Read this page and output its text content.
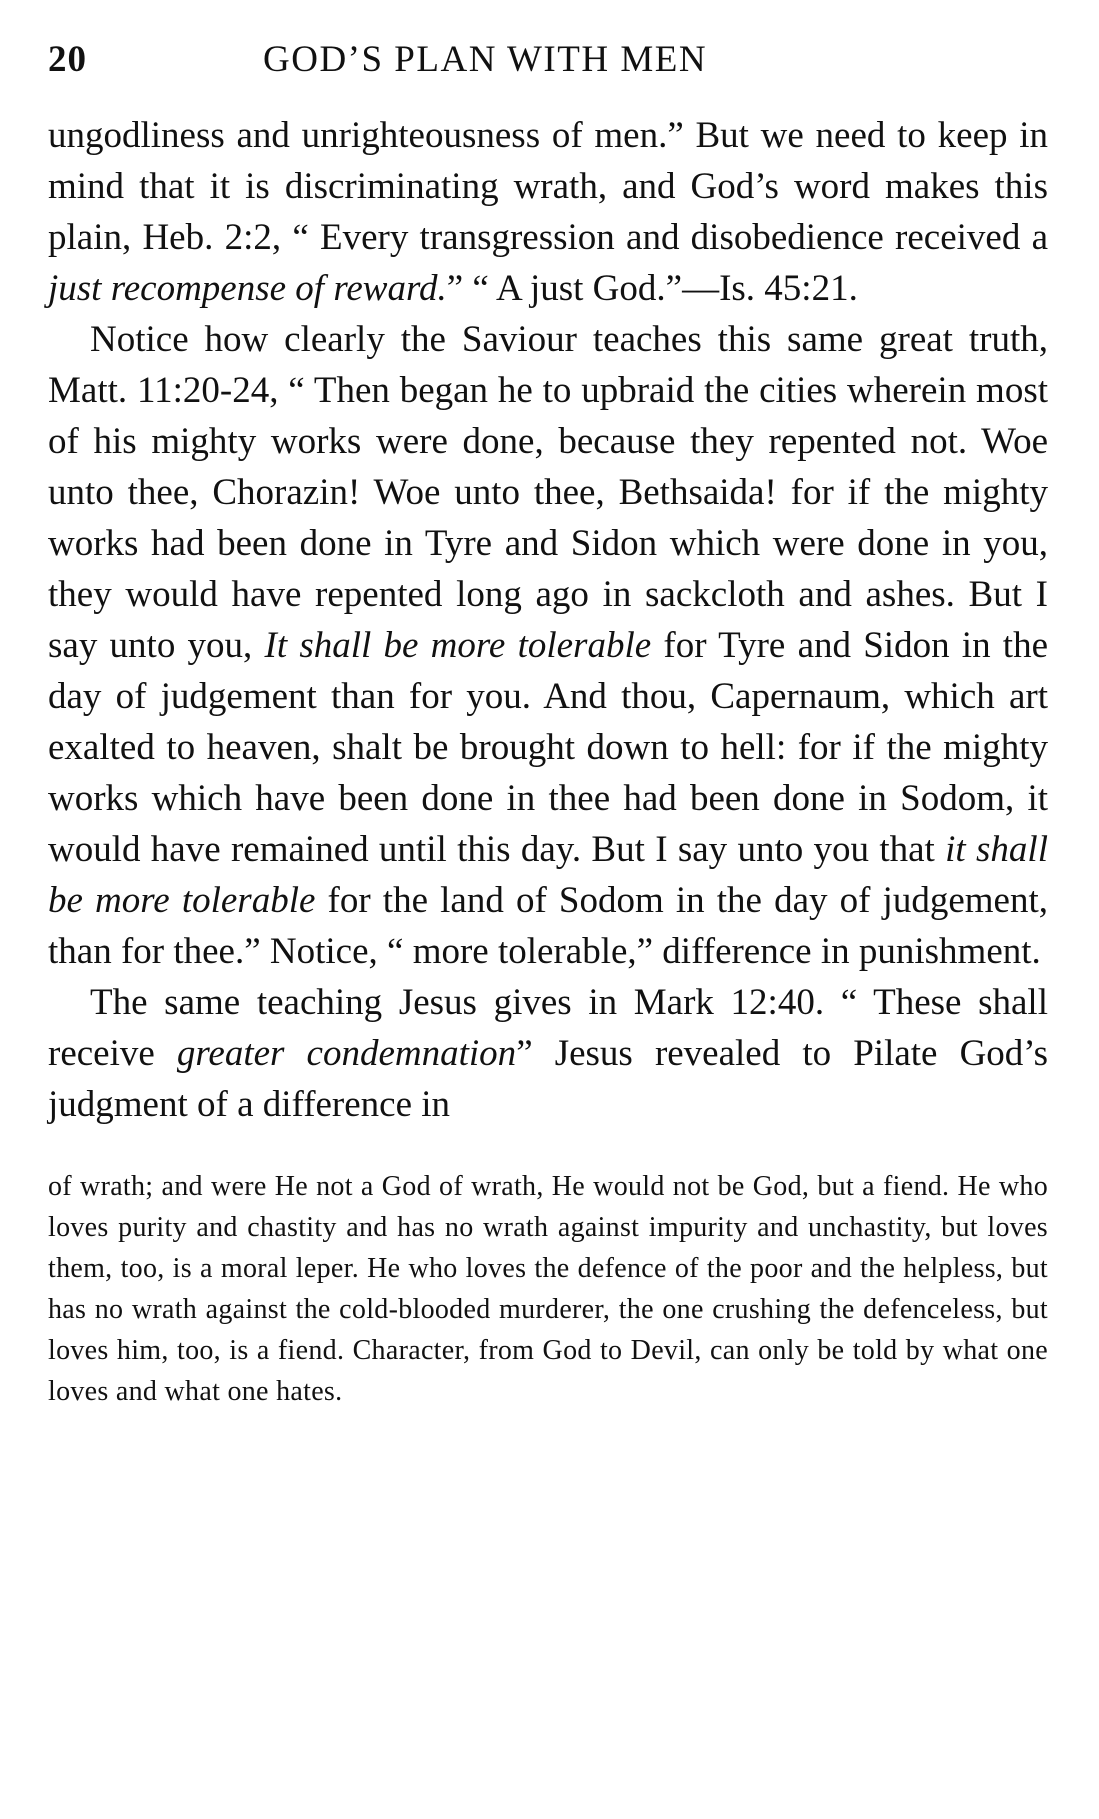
20	GOD’S PLAN WITH MEN

ungodliness and unrighteousness of men.” But we need to keep in mind that it is discriminating wrath, and God’s word makes this plain, Heb. 2:2, “ Every transgression and disobedience received a just recompense of reward.” “ A just God.”—Is. 45:21.

Notice how clearly the Saviour teaches this same great truth, Matt. 11:20-24, “ Then began he to upbraid the cities wherein most of his mighty works were done, because they repented not. Woe unto thee, Chorazin! Woe unto thee, Bethsaida! for if the mighty works had been done in Tyre and Sidon which were done in you, they would have repented long ago in sackcloth and ashes. But I say unto you, It shall be more tolerable for Tyre and Sidon in the day of judgement than for you. And thou, Capernaum, which art exalted to heaven, shalt be brought down to hell: for if the mighty works which have been done in thee had been done in Sodom, it would have remained until this day. But I say unto you that it shall be more tolerable for the land of Sodom in the day of judgement, than for thee.” Notice, “ more tolerable,” difference in punishment.

The same teaching Jesus gives in Mark 12:40. “ These shall receive greater condemnation” Jesus revealed to Pilate God’s judgment of a difference in

of wrath; and were He not a God of wrath, He would not be God, but a fiend. He who loves purity and chastity and has no wrath against impurity and unchastity, but loves them, too, is a moral leper. He who loves the defence of the poor and the helpless, but has no wrath against the cold-blooded murderer, the one crushing the defenceless, but loves him, too, is a fiend. Character, from God to Devil, can only be told by what one loves and what one hates.
